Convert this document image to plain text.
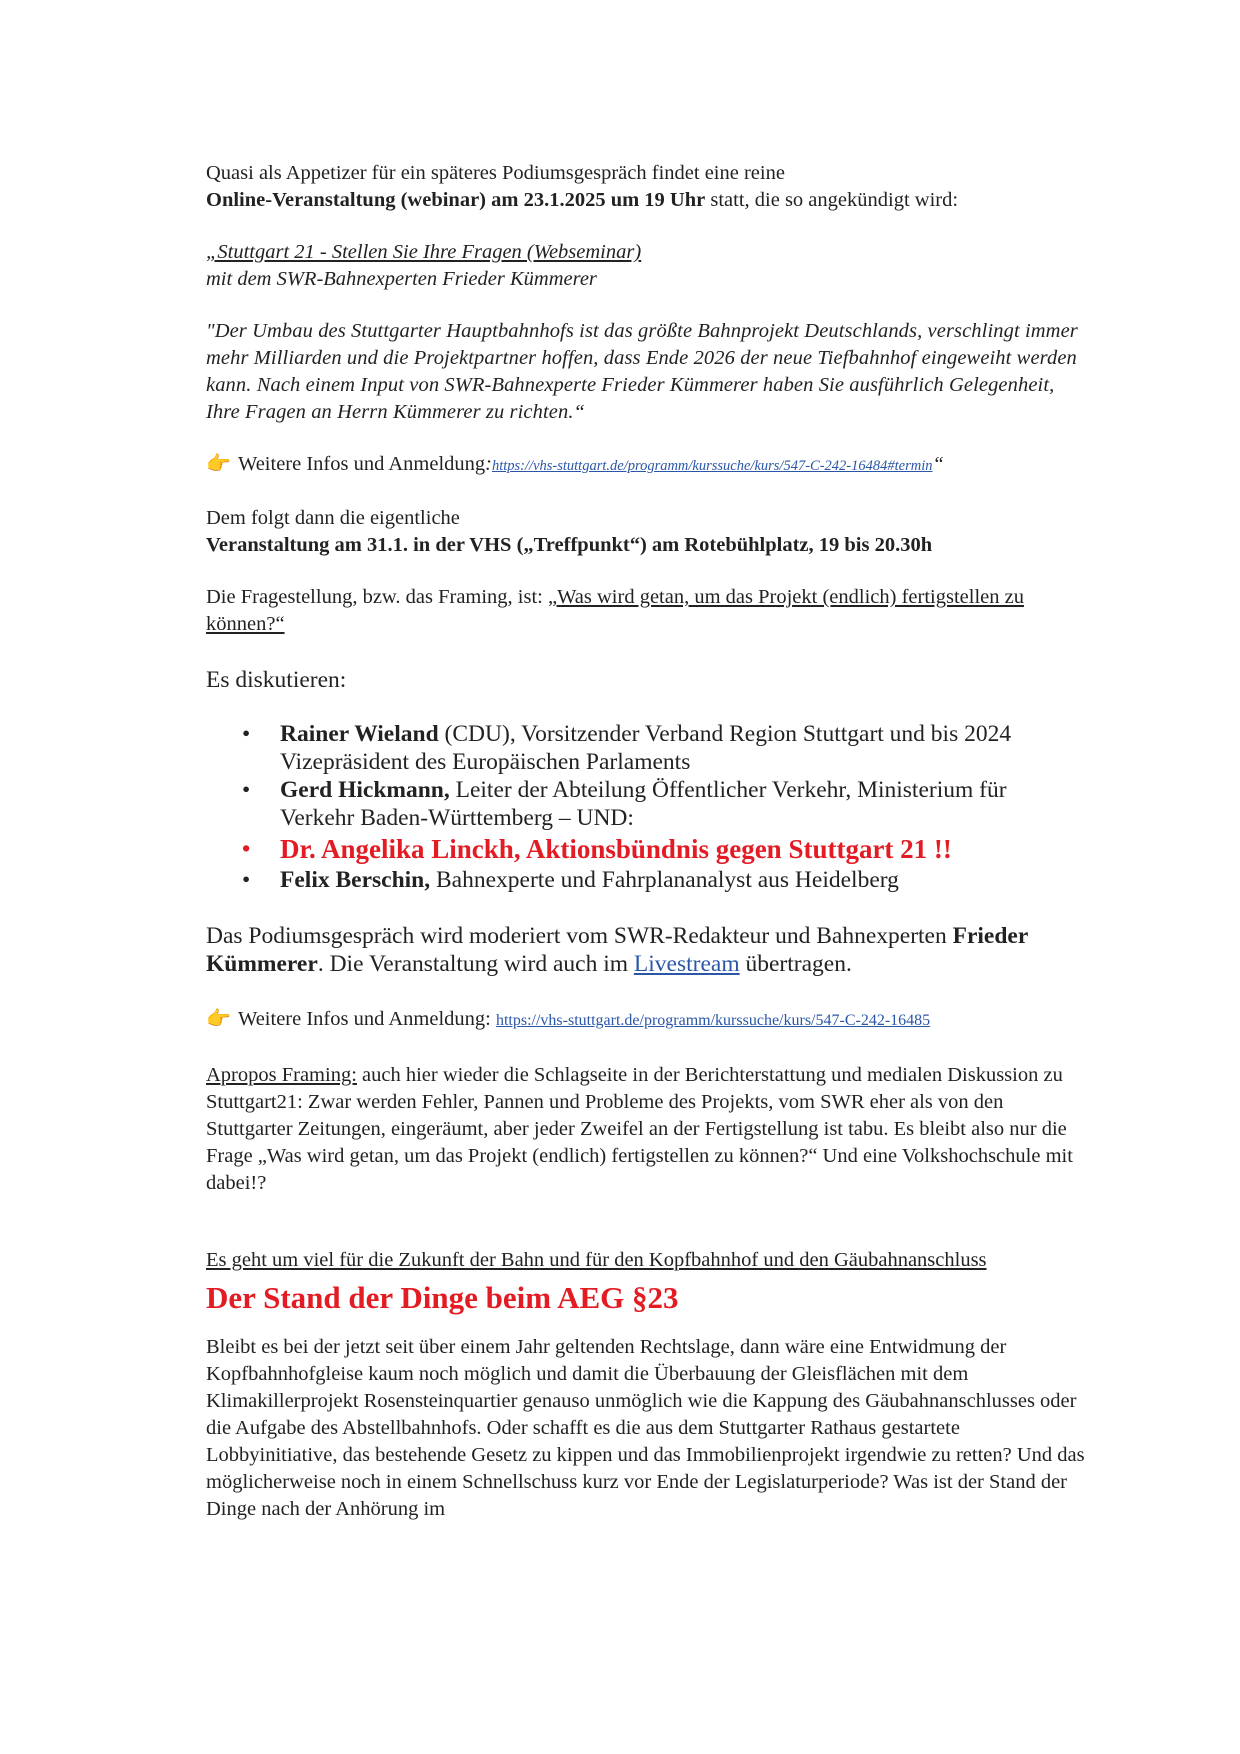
Quasi als Appetizer für ein späteres Podiumsgespräch findet eine reine
Online-Veranstaltung (webinar) am 23.1.2025 um 19 Uhr statt, die so angekündigt wird:
„Stuttgart 21 - Stellen Sie Ihre Fragen (Webseminar)
mit dem SWR-Bahnexperten Frieder Kümmerer
"Der Umbau des Stuttgarter Hauptbahnhofs ist das größte Bahnprojekt Deutschlands, verschlingt immer mehr Milliarden und die Projektpartner hoffen, dass Ende 2026 der neue Tiefbahnhof eingeweiht werden kann. Nach einem Input von SWR-Bahnexperte Frieder Kümmerer haben Sie ausführlich Gelegenheit, Ihre Fragen an Herrn Kümmerer zu richten.“
👉 Weitere Infos und Anmeldung:https://vhs-stuttgart.de/programm/kurssuche/kurs/547-C-242-16484#termin“
Dem folgt dann die eigentliche
Veranstaltung am 31.1. in der VHS („Treffpunkt“) am Rotebühlplatz, 19 bis 20.30h
Die Fragestellung, bzw. das Framing, ist: „Was wird getan, um das Projekt (endlich) fertigstellen zu können?“
Es diskutieren:
• Rainer Wieland (CDU), Vorsitzender Verband Region Stuttgart und bis 2024 Vizepräsident des Europäischen Parlaments
• Gerd Hickmann, Leiter der Abteilung Öffentlicher Verkehr, Ministerium für Verkehr Baden-Württemberg – UND:
• Dr. Angelika Linckh, Aktionsbündnis gegen Stuttgart 21 !!
• Felix Berschin, Bahnexperte und Fahrplananalyst aus Heidelberg
Das Podiumsgespräch wird moderiert vom SWR-Redakteur und Bahnexperten Frieder Kümmerer. Die Veranstaltung wird auch im Livestream übertragen.
👉 Weitere Infos und Anmeldung: https://vhs-stuttgart.de/programm/kurssuche/kurs/547-C-242-16485
Apropos Framing: auch hier wieder die Schlagseite in der Berichterstattung und medialen Diskussion zu Stuttgart21: Zwar werden Fehler, Pannen und Probleme des Projekts, vom SWR eher als von den Stuttgarter Zeitungen, eingeräumt, aber jeder Zweifel an der Fertigstellung ist tabu. Es bleibt also nur die Frage „Was wird getan, um das Projekt (endlich) fertigstellen zu können?“ Und eine Volkshochschule mit dabei!?
Es geht um viel für die Zukunft der Bahn und für den Kopfbahnhof und den Gäubahnanschluss
Der Stand der Dinge beim AEG §23
Bleibt es bei der jetzt seit über einem Jahr geltenden Rechtslage, dann wäre eine Entwidmung der Kopfbahnhofgleise kaum noch möglich und damit die Überbauung der Gleisflächen mit dem Klimakillerprojekt Rosensteinquartier genauso unmöglich wie die Kappung des Gäubahnanschlusses oder die Aufgabe des Abstellbahnhofs. Oder schafft es die aus dem Stuttgarter Rathaus gestartete Lobbyinitiative, das bestehende Gesetz zu kippen und das Immobilienprojekt irgendwie zu retten? Und das möglicherweise noch in einem Schnellschuss kurz vor Ende der Legislaturperiode? Was ist der Stand der Dinge nach der Anhörung im
